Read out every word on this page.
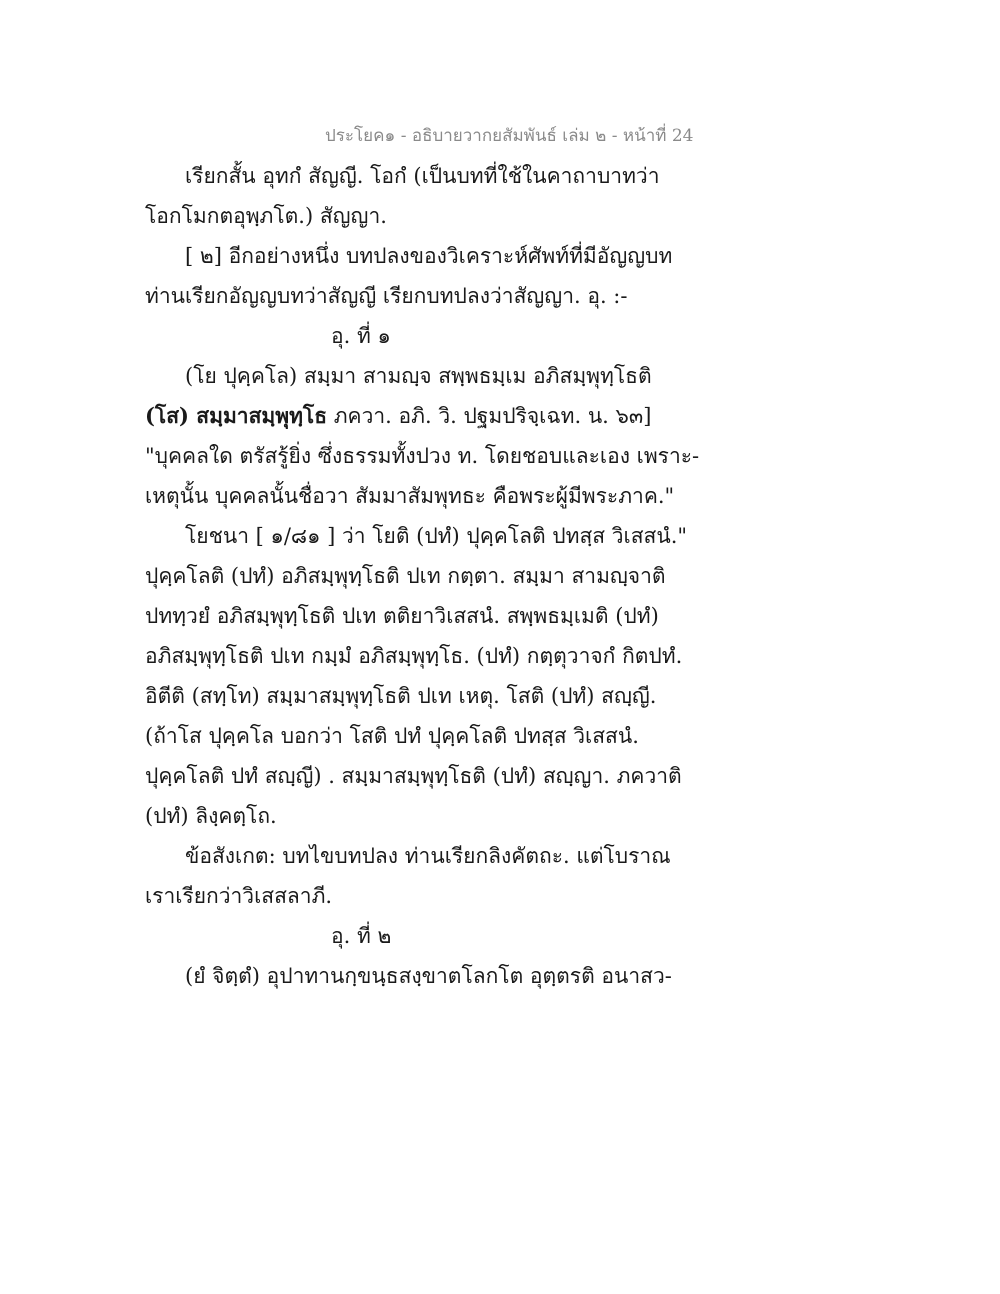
ประโยค๑ - อธิบายวากยสัมพันธ์ เล่ม ๒ - หน้าที่ 24
เรียกสั้น อุทกํ สัญญี. โอกํ (เป็นบทที่ใช้ในคาถาบาทว่า
โอกโมกตอุพฺภโต.) สัญญา.
[ ๒] อีกอย่างหนึ่ง บทปลงของวิเคราะห์ศัพท์ที่มีอัญญบท
ท่านเรียกอัญญบทว่าสัญญี เรียกบทปลงว่าสัญญา. อุ. :-
อุ. ที่ ๑
(โย ปุคฺคโล) สมฺมา สามญฺจ สพฺพธมฺเม อภิสมฺพุทฺโธติ
(โส) สมฺมาสมฺพุทฺโธ ภควา. อภิ. วิ. ปฐมปริจฺเฉท. น. ๖๓]
"บุคคลใด ตรัสรู้ยิ่ง ซึ่งธรรมทั้งปวง ท. โดยชอบและเอง เพราะ-
เหตุนั้น บุคคลนั้นชื่อวา สัมมาสัมพุทธะ คือพระผู้มีพระภาค."
โยชนา [ ๑/๘๑ ] ว่า โยติ (ปทํ) ปุคฺคโลติ ปทสฺส วิเสสนํ."
ปุคฺคโลติ (ปทํ) อภิสมฺพุทฺโธติ ปเท กตฺตา. สมฺมา สามญฺจาติ
ปททฺวยํ อภิสมฺพุทฺโธติ ปเท ตติยาวิเสสนํ. สพฺพธมฺเมติ (ปทํ)
อภิสมฺพุทฺโธติ ปเท กมฺมํ อภิสมฺพุทฺโธ. (ปทํ) กตฺตุวาจกํ กิตปทํ.
อิตีติ (สทฺโท) สมฺมาสมฺพุทฺโธติ ปเท เหตุ. โสติ (ปทํ) สญฺญี.
(ถ้าโส ปุคฺคโล บอกว่า โสติ ปทํ ปุคฺคโลติ ปทสฺส วิเสสนํ.
ปุคฺคโลติ ปทํ สญฺญี) . สมฺมาสมฺพุทฺโธติ (ปทํ) สญฺญา. ภควาติ
(ปทํ) ลิงฺคตฺโถ.
ข้อสังเกต: บทไขบทปลง ท่านเรียกลิงคัตถะ. แต่โบราณ
เราเรียกว่าวิเสสลาภี.
อุ. ที่ ๒
(ยํ จิตฺตํ) อุปาทานกฺขนฺธสงฺขาตโลกโต อุตฺตรติ อนาสว-
